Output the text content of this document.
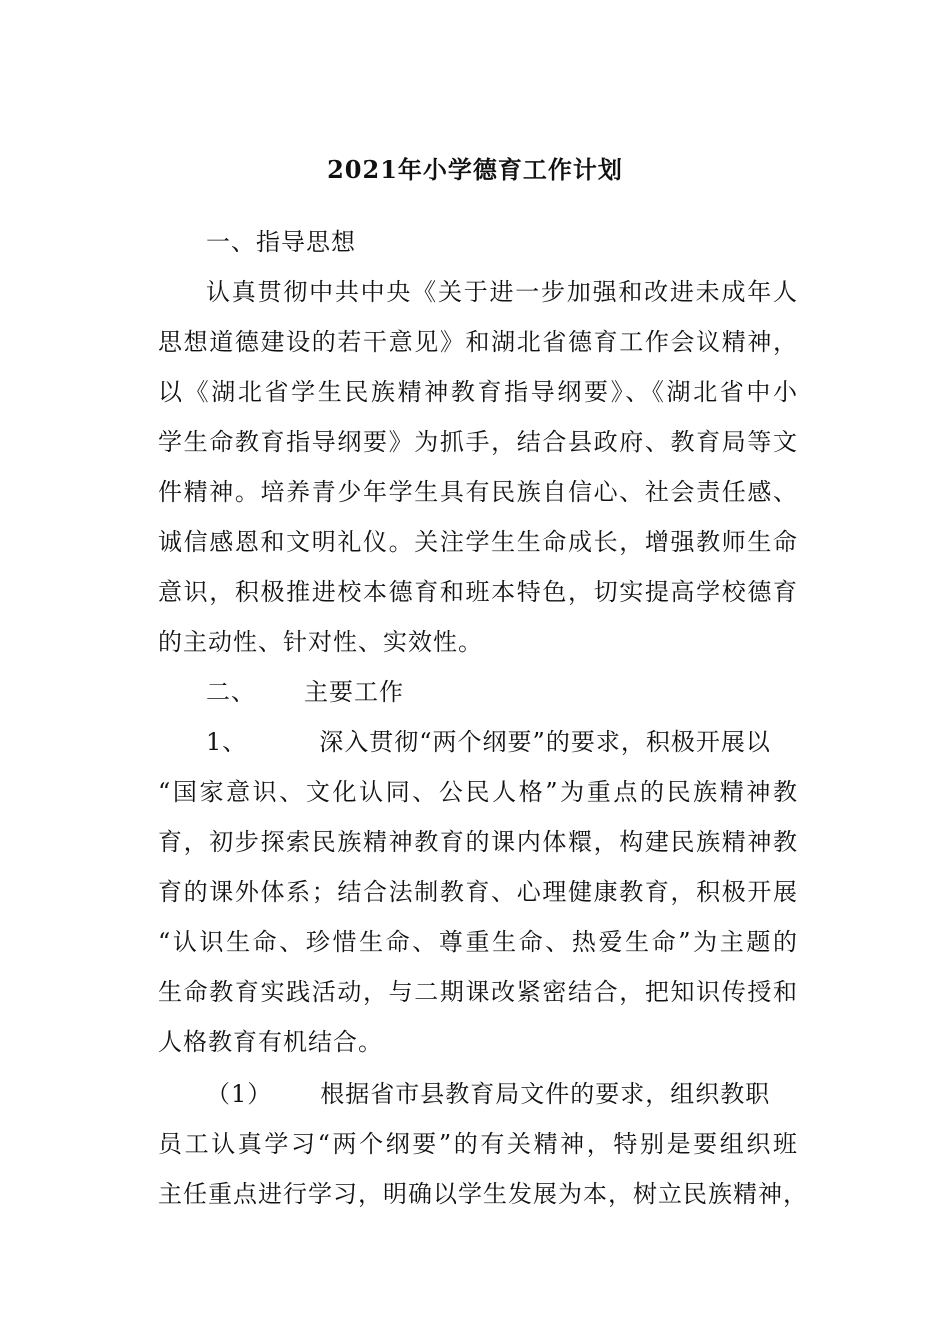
2021年小学德育工作计划
一、指导思想
认真贯彻中共中央《关于进一步加强和改进未成年人
思想道德建设的若干意见》和湖北省德育工作会议精神，
以《湖北省学生民族精神教育指导纲要》、《湖北省中小
学生命教育指导纲要》为抓手，结合县政府、教育局等文
件精神。培养青少年学生具有民族自信心、社会责任感、
诚信感恩和文明礼仪。关注学生生命成长，增强教师生命
意识，积极推进校本德育和班本特色，切实提高学校德育
的主动性、针对性、实效性。
二、 主要工作
1、	深入贯彻“两个纲要”的要求，积极开展以
“国家意识、文化认同、公民人格”为重点的民族精神教
育，初步探索民族精神教育的课内体糫，构建民族精神教
育的课外体系；结合法制教育、心理健康教育，积极开展
“认识生命、珍惜生命、尊重生命、热爱生命”为主题的
生命教育实践活动，与二期课改紧密结合，把知识传授和
人格教育有机结合。
（1） 根据省市县教育局文件的要求，组织教职
员工认真学习“两个纲要”的有关精神，特别是要组织班
主任重点进行学习，明确以学生发展为本，树立民族精神，
